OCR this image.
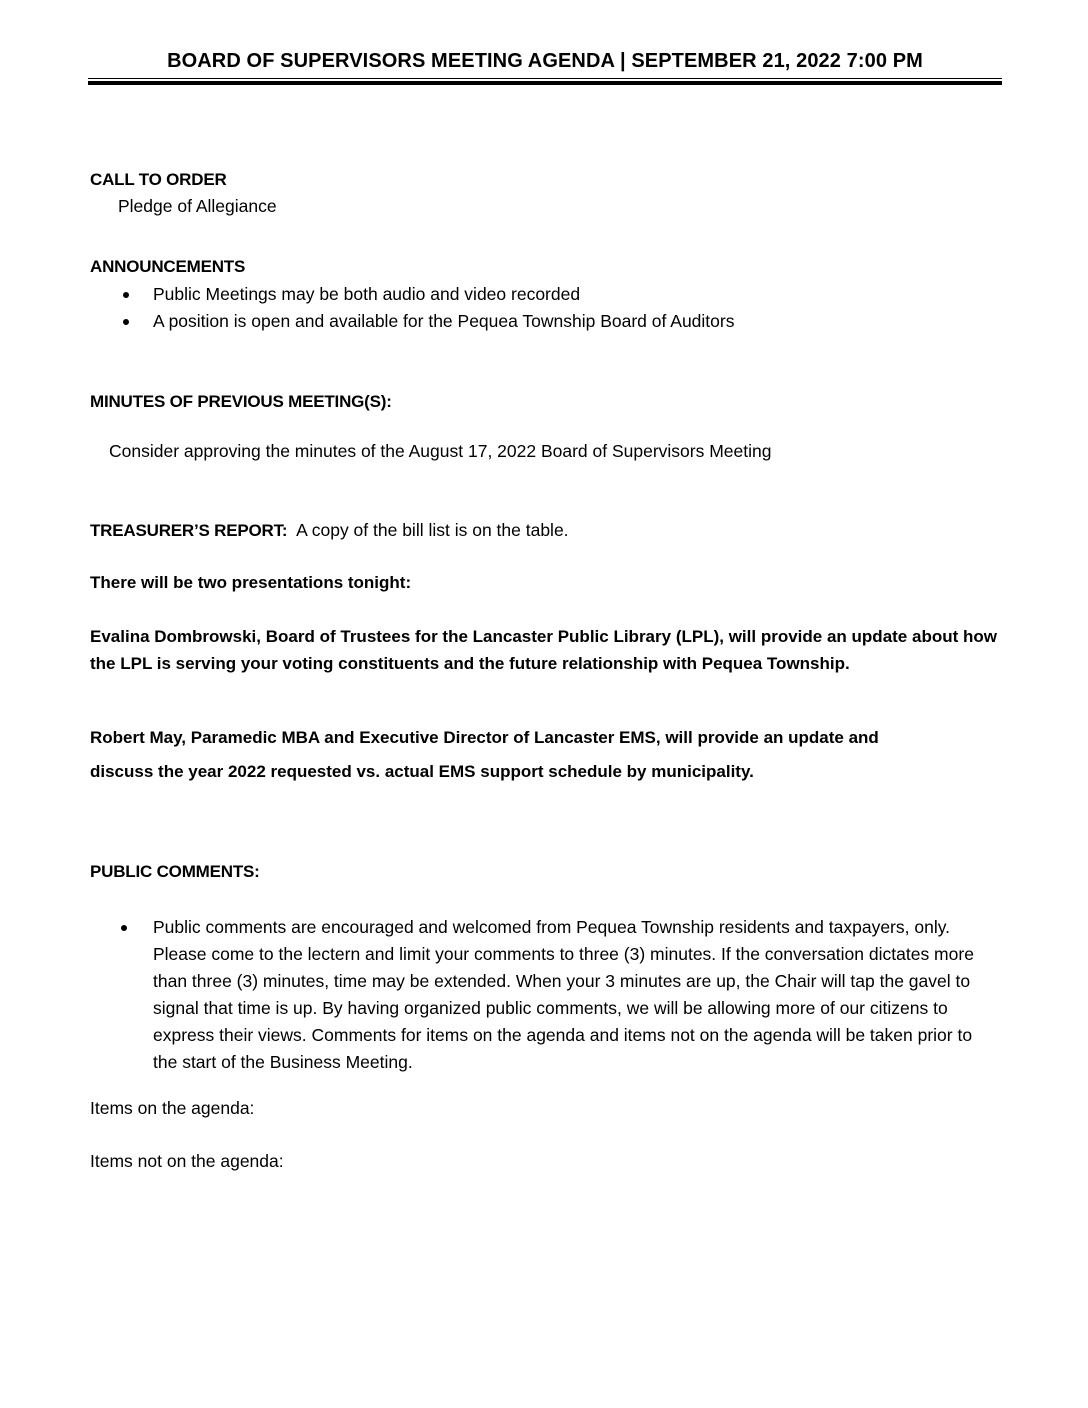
BOARD OF SUPERVISORS MEETING AGENDA | SEPTEMBER 21, 2022 7:00 PM
CALL TO ORDER
Pledge of Allegiance
ANNOUNCEMENTS
Public Meetings may be both audio and video recorded
A position is open and available for the Pequea Township Board of Auditors
MINUTES OF PREVIOUS MEETING(S):
Consider approving the minutes of the August 17, 2022 Board of Supervisors Meeting
TREASURER’S REPORT: A copy of the bill list is on the table.
There will be two presentations tonight:
Evalina Dombrowski, Board of Trustees for the Lancaster Public Library (LPL), will provide an update about how the LPL is serving your voting constituents and the future relationship with Pequea Township.
Robert May, Paramedic MBA and Executive Director of Lancaster EMS, will provide an update and
discuss the year 2022 requested vs. actual EMS support schedule by municipality.
PUBLIC COMMENTS:
Public comments are encouraged and welcomed from Pequea Township residents and taxpayers, only. Please come to the lectern and limit your comments to three (3) minutes. If the conversation dictates more than three (3) minutes, time may be extended. When your 3 minutes are up, the Chair will tap the gavel to signal that time is up. By having organized public comments, we will be allowing more of our citizens to express their views. Comments for items on the agenda and items not on the agenda will be taken prior to the start of the Business Meeting.
Items on the agenda:
Items not on the agenda:
